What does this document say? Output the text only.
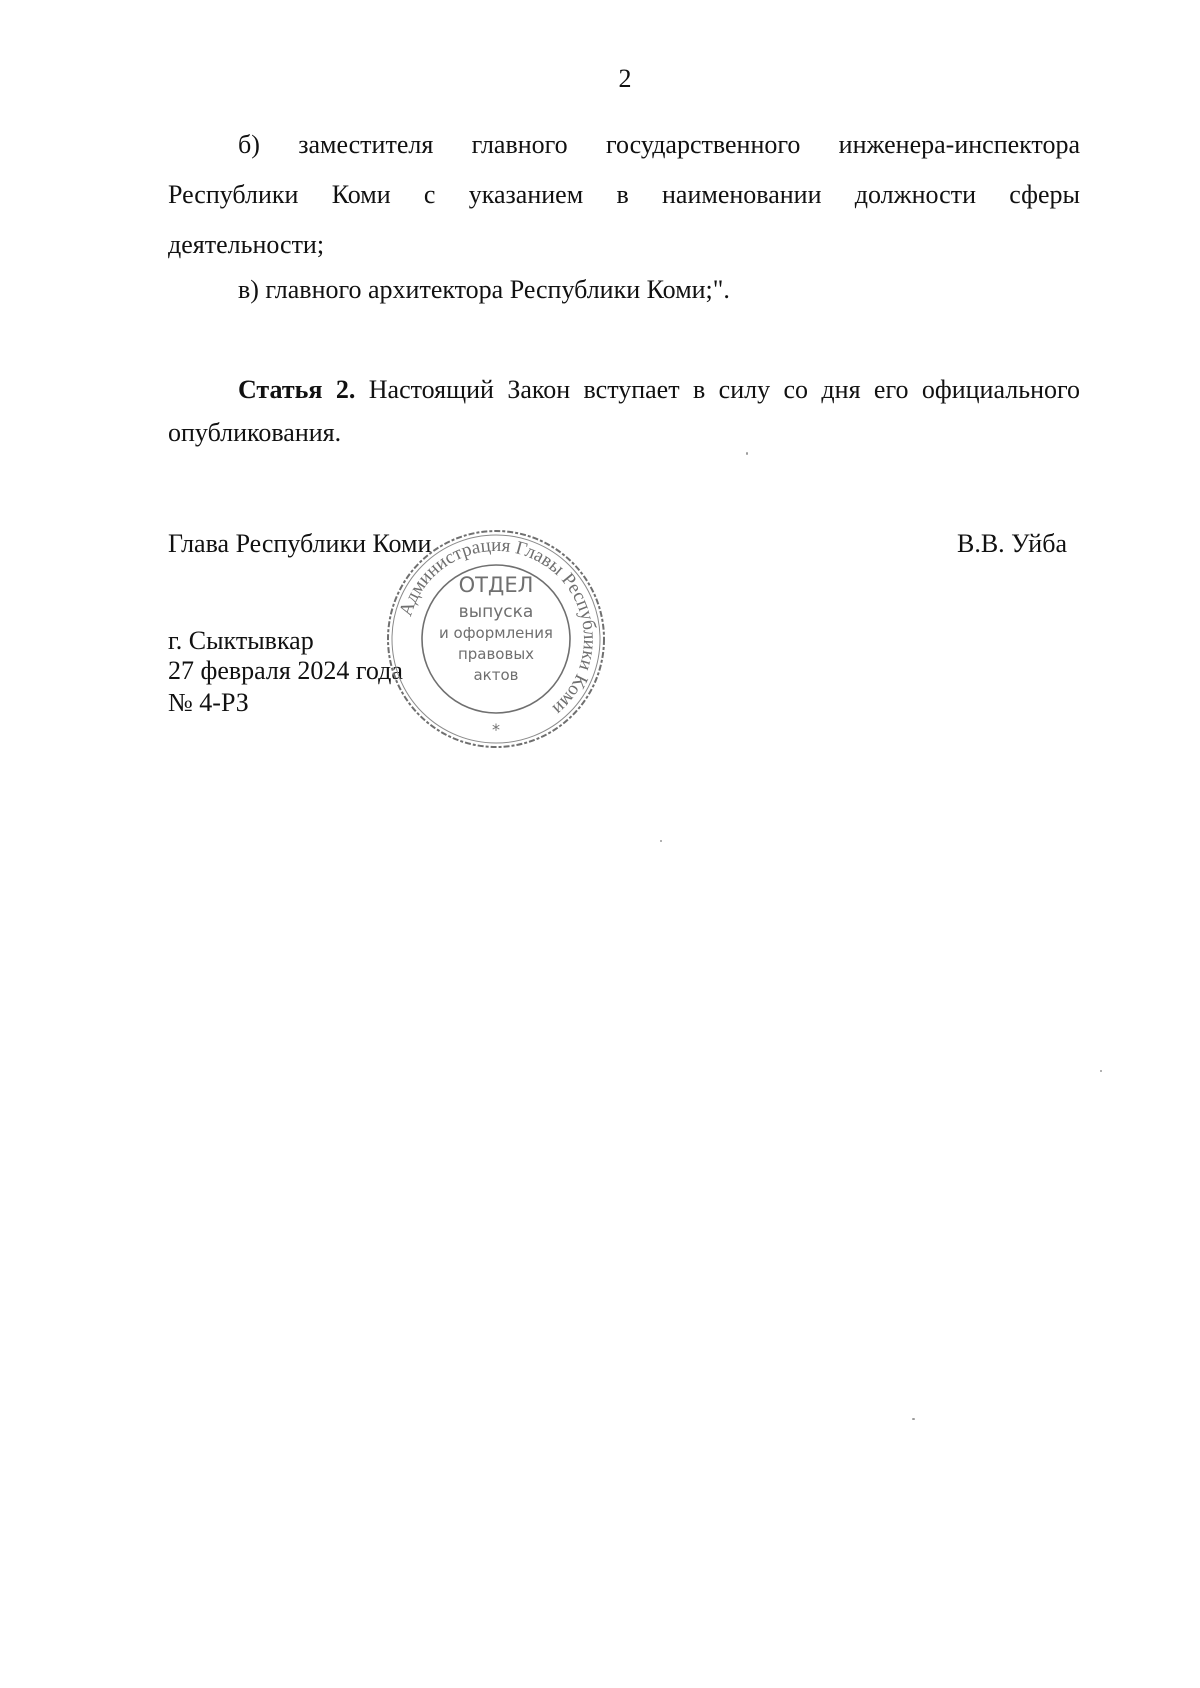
2
б) заместителя главного государственного инженера-инспектора
Республики Коми с указанием в наименовании должности сферы
деятельности;
в) главного архитектора Республики Коми;".
Статья 2. Настоящий Закон вступает в силу со дня его официального
опубликования.
Глава Республики Коми	В.В. Уйба
г. Сыктывкар
27 февраля 2024 года
№ 4-РЗ
Администрация Главы Республики Коми
ОТДЕЛ
выпуска
и оформления
правовых
актов
*
